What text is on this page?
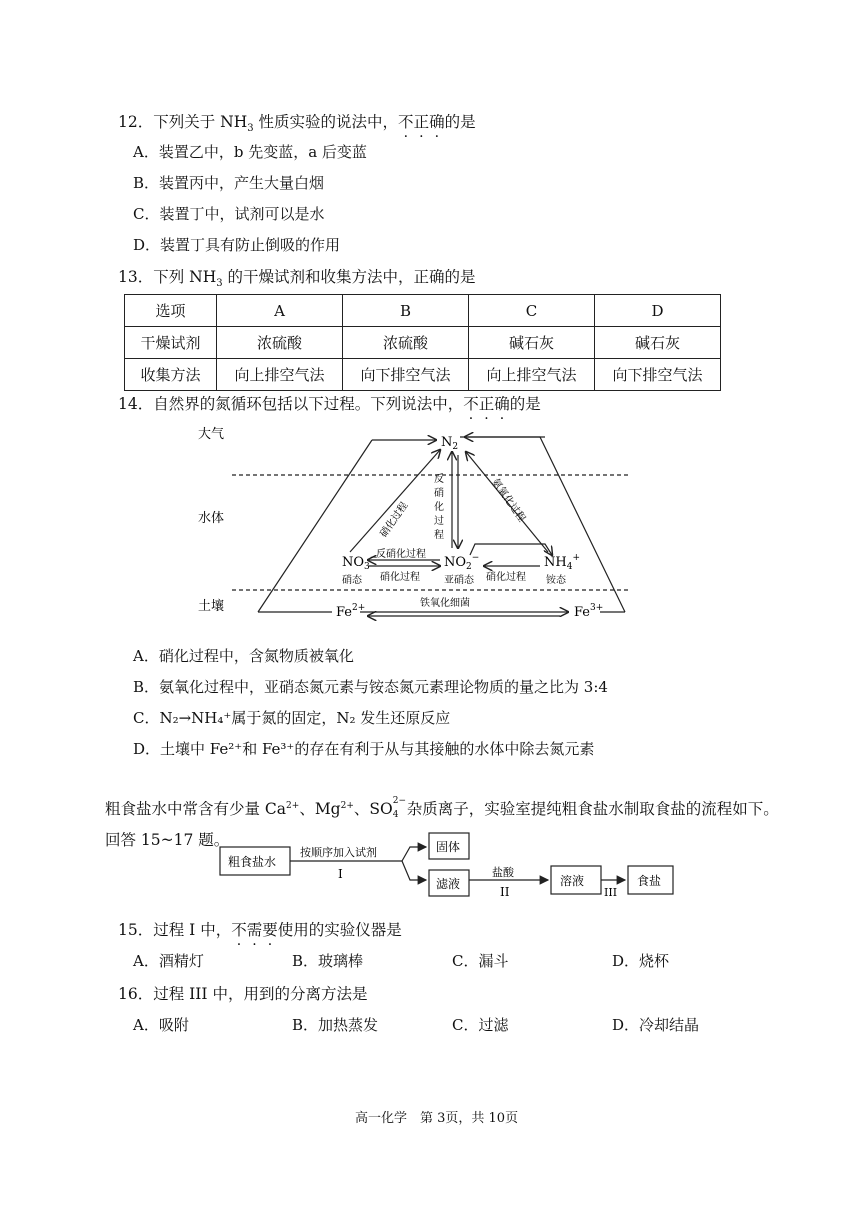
12．下列关于 $NH_3$ 性质实验的说法中，不正确的是
A．装置乙中，b 先变蓝，a 后变蓝
B．装置丙中，产生大量白烟
C．装置丁中，试剂可以是水
D．装置丁具有防止倒吸的作用
13．下列 $NH_3$ 的干燥试剂和收集方法中，正确的是
选项	A	B	C	D
干燥试剂	浓硫酸	浓硫酸	碱石灰	碱石灰
收集方法	向上排空气法	向下排空气法	向上排空气法	向下排空气法
14．自然界的氮循环包括以下过程。下列说法中，不正确的是
大气
水体
土壤
$N_2$
$NO_3^-$
硝态
$NO_2^-$
亚硝态
$NH_4^+$
铵态
$Fe^{2+}$	$Fe^{3+}$
铁氧化细菌
反硝化过程
硝化过程	硝化过程
反
硝
化
过
程
硝化过程	氨氧化过程
A．硝化过程中，含氮物质被氧化
B．氨氧化过程中，亚硝态氮元素与铵态氮元素理论物质的量之比为 3:4
C．N₂→NH₄⁺属于氮的固定，N₂ 发生还原反应
D．土壤中 Fe²⁺和 Fe³⁺的存在有利于从与其接触的水体中除去氮元素
粗食盐水中常含有少量 $Ca^{2+}$、$Mg^{2+}$、SO 2−
4 杂质离子，实验室提纯粗食盐水制取食盐的流程如下。
回答 15~17 题。
粗食盐水
按顺序加入试剂
I
固体
滤液
盐酸
II
溶液
III
食盐
15．过程 I 中，不需要使用的实验仪器是
A．酒精灯	B．玻璃棒	C．漏斗	D．烧杯
16．过程 III 中，用到的分离方法是
A．吸附	B．加热蒸发	C．过滤	D．冷却结晶
高一化学　第 3页，共 10页
